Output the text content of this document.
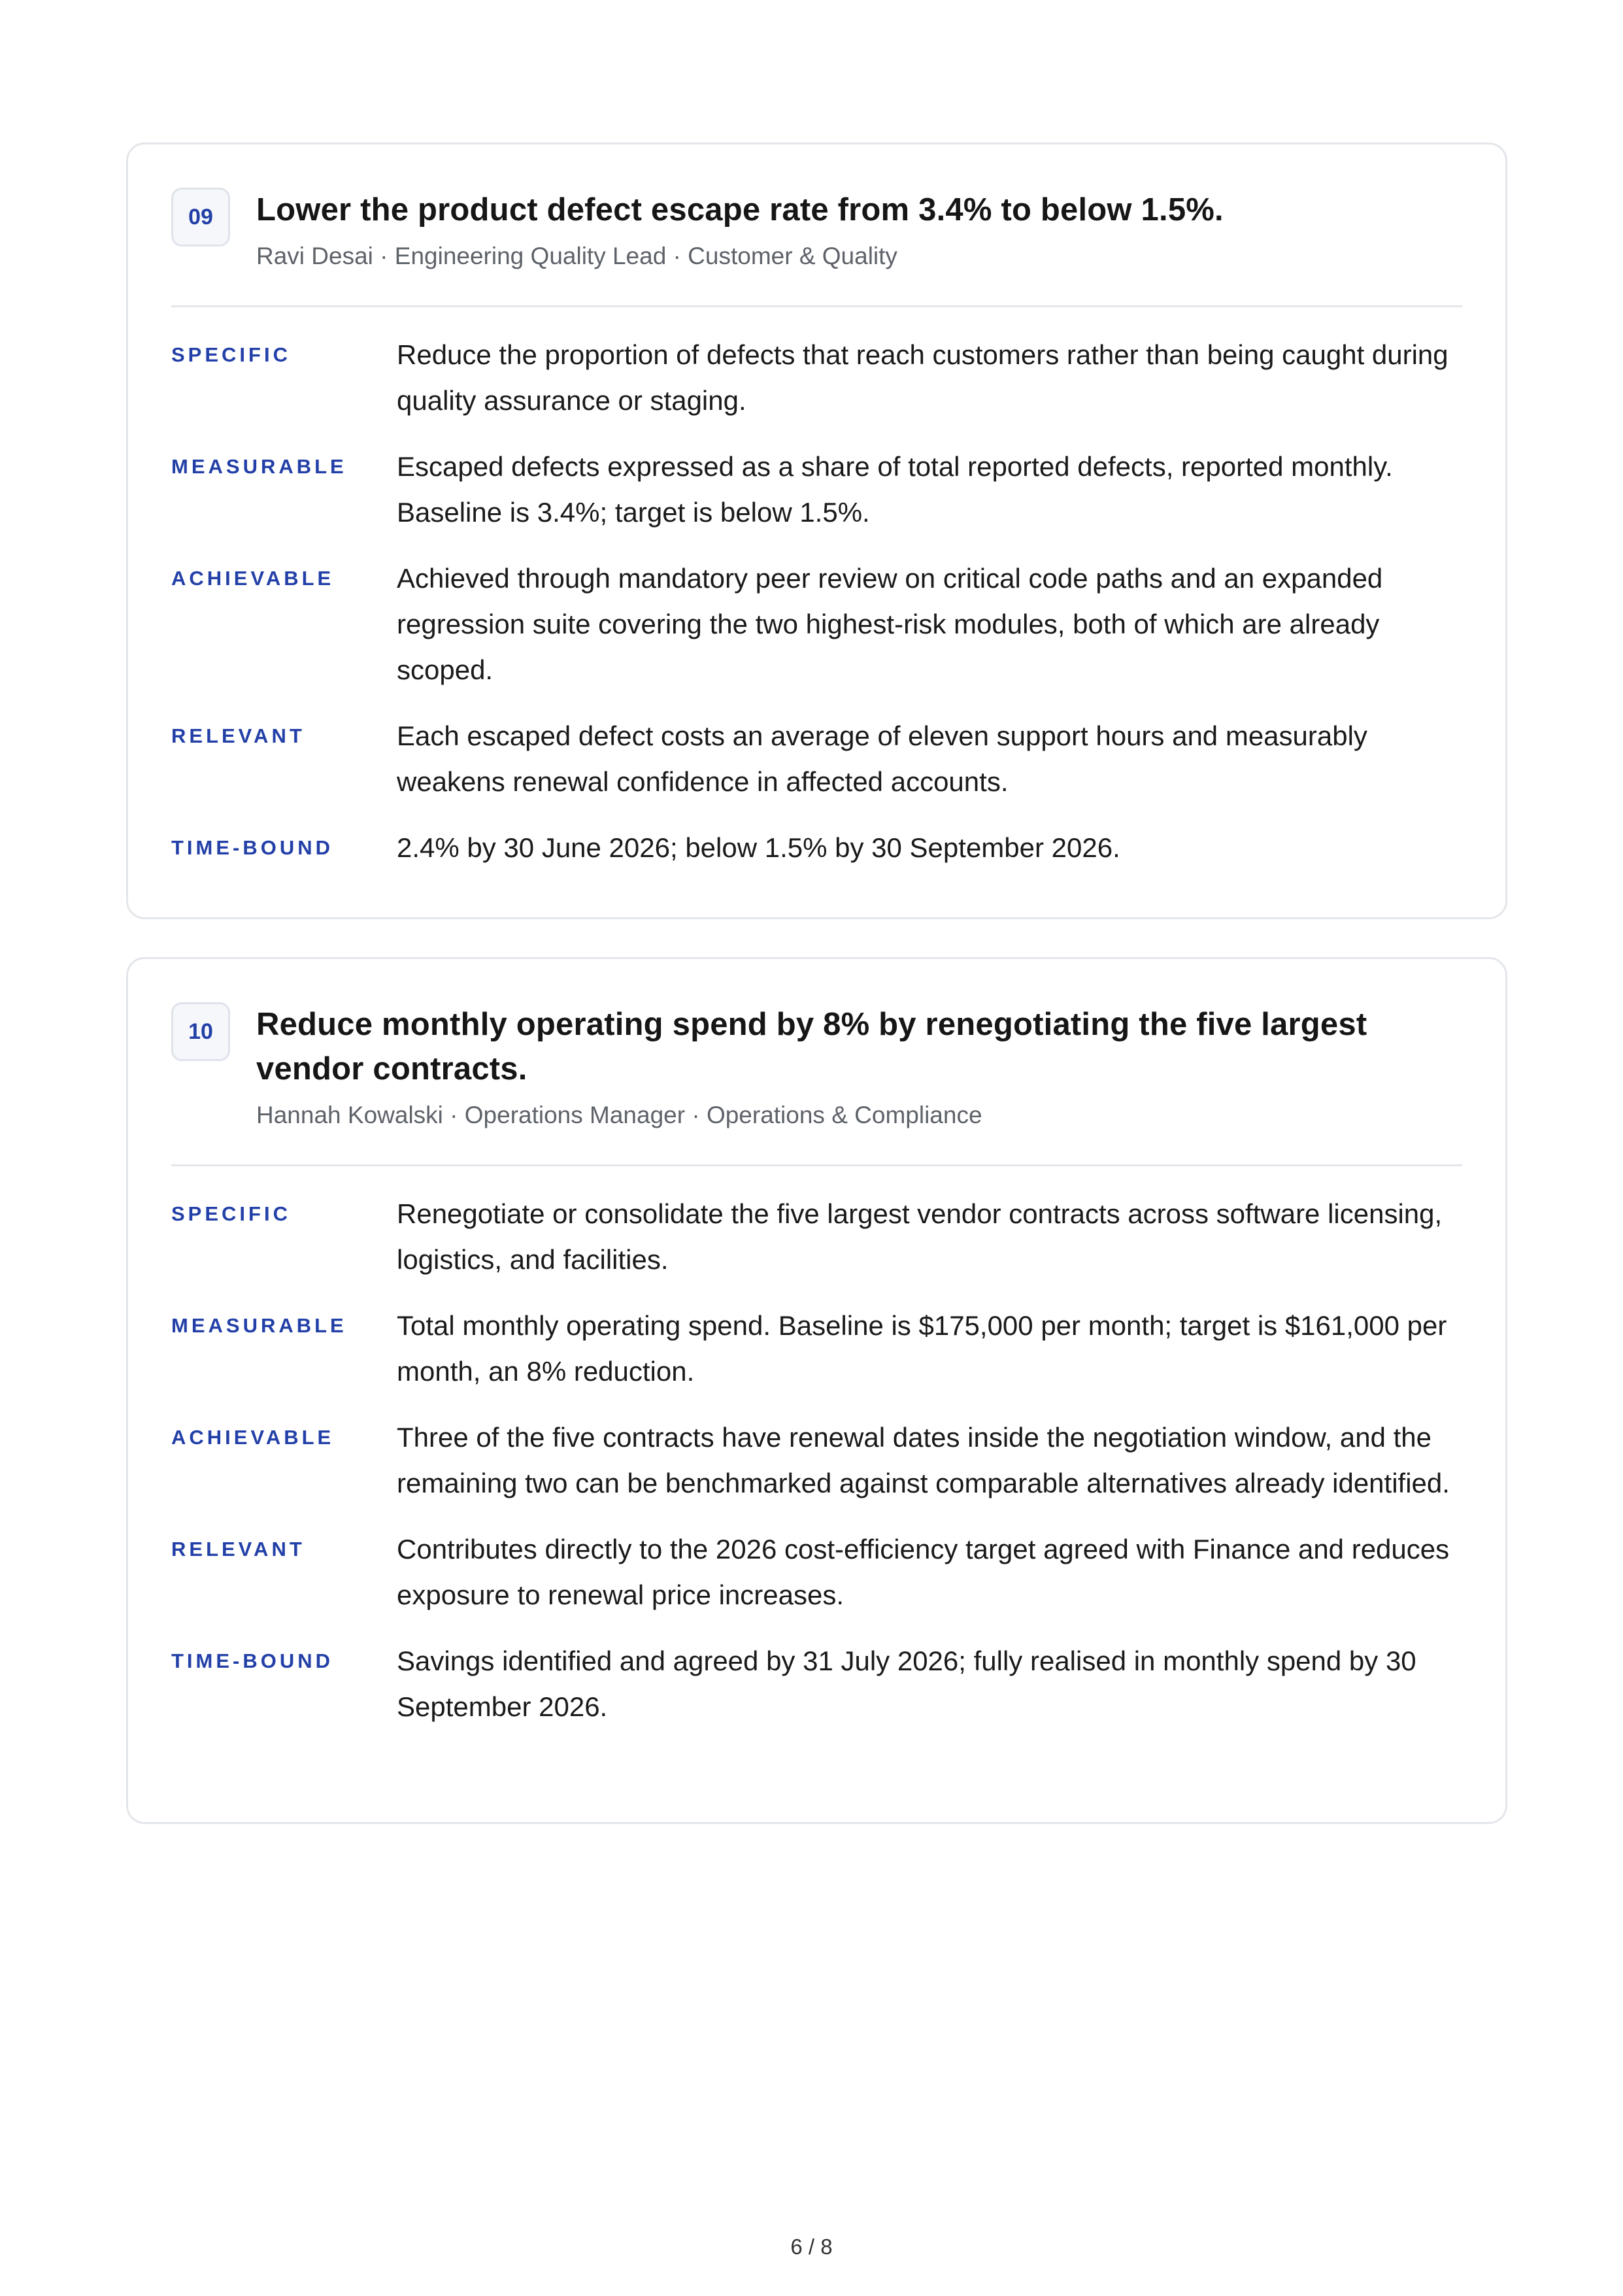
09	Lower the product defect escape rate from 3.4% to below 1.5%.
Ravi Desai · Engineering Quality Lead · Customer & Quality
SPECIFIC	Reduce the proportion of defects that reach customers rather than being caught during quality assurance or staging.
MEASURABLE	Escaped defects expressed as a share of total reported defects, reported monthly. Baseline is 3.4%; target is below 1.5%.
ACHIEVABLE	Achieved through mandatory peer review on critical code paths and an expanded regression suite covering the two highest-risk modules, both of which are already scoped.
RELEVANT	Each escaped defect costs an average of eleven support hours and measurably weakens renewal confidence in affected accounts.
TIME-BOUND	2.4% by 30 June 2026; below 1.5% by 30 September 2026.
10	Reduce monthly operating spend by 8% by renegotiating the five largest vendor contracts.
Hannah Kowalski · Operations Manager · Operations & Compliance
SPECIFIC	Renegotiate or consolidate the five largest vendor contracts across software licensing, logistics, and facilities.
MEASURABLE	Total monthly operating spend. Baseline is $175,000 per month; target is $161,000 per month, an 8% reduction.
ACHIEVABLE	Three of the five contracts have renewal dates inside the negotiation window, and the remaining two can be benchmarked against comparable alternatives already identified.
RELEVANT	Contributes directly to the 2026 cost-efficiency target agreed with Finance and reduces exposure to renewal price increases.
TIME-BOUND	Savings identified and agreed by 31 July 2026; fully realised in monthly spend by 30 September 2026.
6 / 8
